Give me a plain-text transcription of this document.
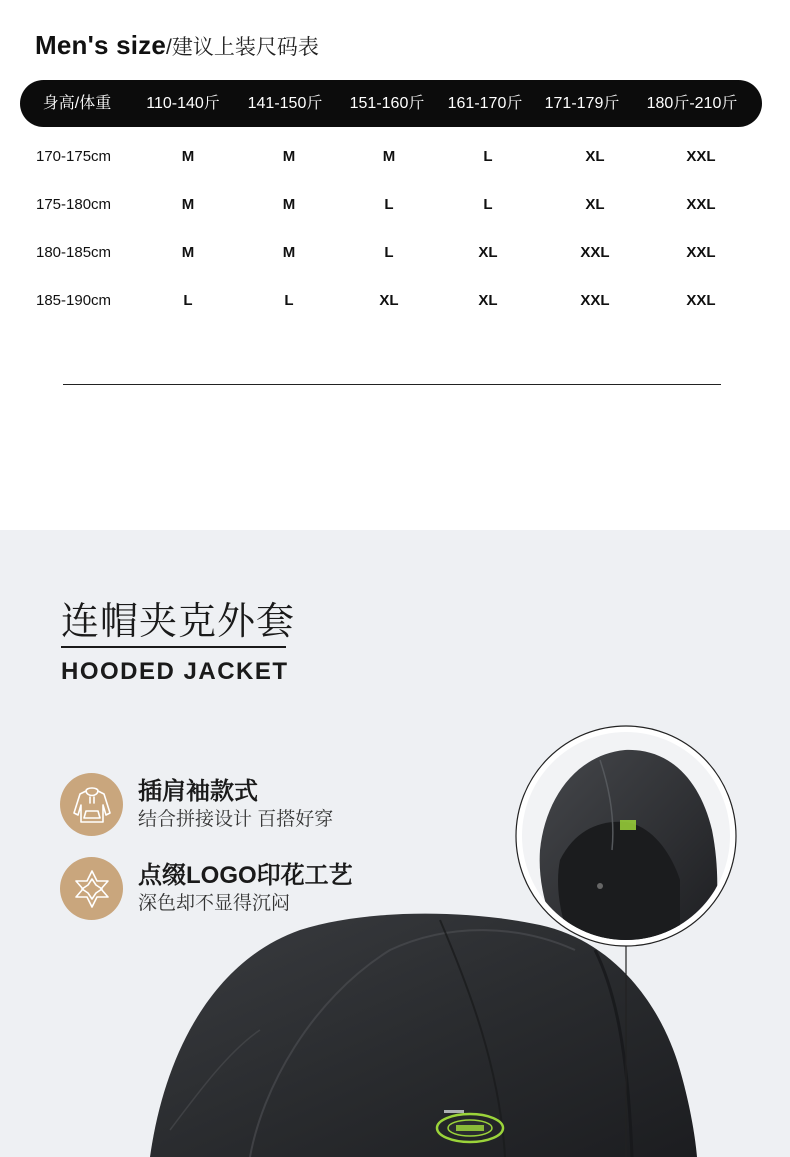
Men's size /建议上装尺码表
身高/体重 110-140斤 141-150斤 151-160斤 161-170斤 171-179斤 180斤-210斤
170-175cm	M	M	M	L	XL	XXL
175-180cm	M	M	L	L	XL	XXL
180-185cm	M	M	L	XL	XXL	XXL
185-190cm	L	L	XL	XL	XXL	XXL
连帽夹克外套
HOODED JACKET
插肩袖款式
结合拼接设计 百搭好穿
点缀LOGO印花工艺
深色却不显得沉闷
